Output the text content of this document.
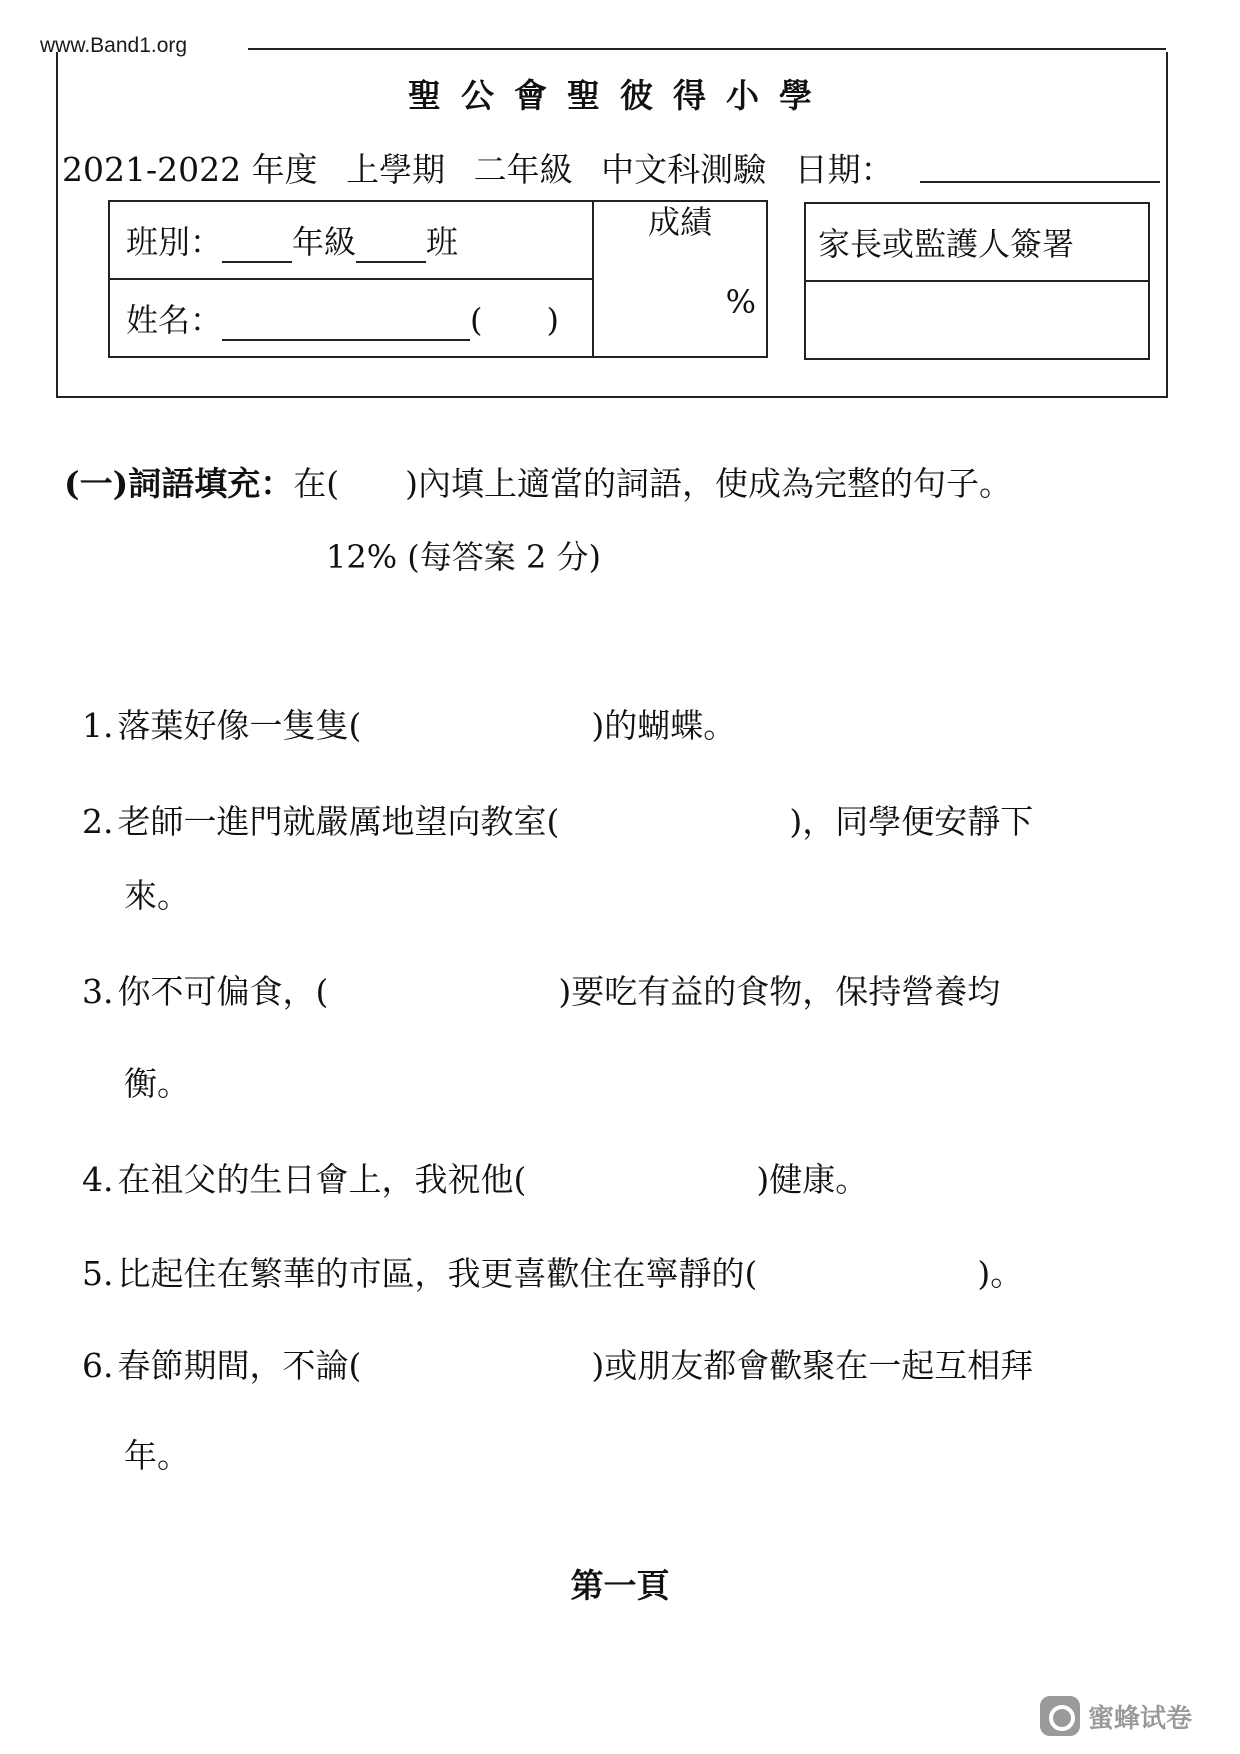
www.Band1.org
聖公會聖彼得小學
2021-2022 年度 上學期 二年級 中文科測驗 日期：
班別： 年級 班	
成績
%

姓名：	(　　)
家長或監護人簽署

(一)詞語填充：在(　　)內填上適當的詞語，使成為完整的句子。
12% (每答案 2 分)
1. 落葉好像一隻隻(	)的蝴蝶。
2. 老師一進門就嚴厲地望向教室(	)，同學便安靜下
來。
3. 你不可偏食，(	)要吃有益的食物，保持營養均
衡。
4. 在祖父的生日會上，我祝他(	)健康。
5. 比起住在繁華的市區，我更喜歡住在寧靜的(	)。
6. 春節期間，不論(	)或朋友都會歡聚在一起互相拜
年。
第一頁
蜜蜂试卷
